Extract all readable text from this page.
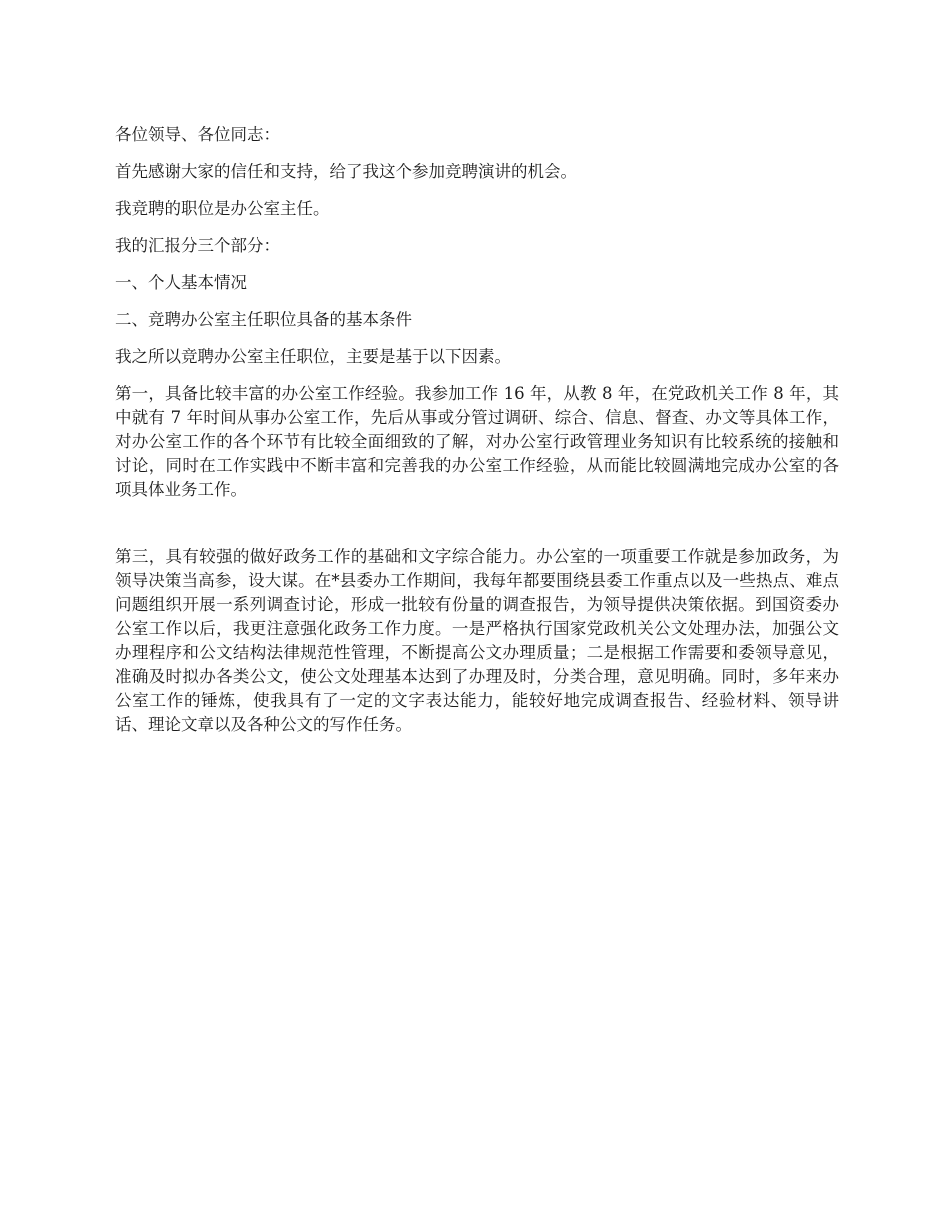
各位领导、各位同志：

首先感谢大家的信任和支持，给了我这个参加竞聘演讲的机会。

我竞聘的职位是办公室主任。

我的汇报分三个部分：

一、个人基本情况

二、竞聘办公室主任职位具备的基本条件

我之所以竞聘办公室主任职位，主要是基于以下因素。

第一，具备比较丰富的办公室工作经验。我参加工作 16 年，从教 8 年，在党政机关工作 8 年，其中就有 7 年时间从事办公室工作，先后从事或分管过调研、综合、信息、督查、办文等具体工作，对办公室工作的各个环节有比较全面细致的了解，对办公室行政管理业务知识有比较系统的接触和讨论，同时在工作实践中不断丰富和完善我的办公室工作经验，从而能比较圆满地完成办公室的各项具体业务工作。

第三，具有较强的做好政务工作的基础和文字综合能力。办公室的一项重要工作就是参加政务，为领导决策当高参，设大谋。在*县委办工作期间，我每年都要围绕县委工作重点以及一些热点、难点问题组织开展一系列调查讨论，形成一批较有份量的调查报告，为领导提供决策依据。到国资委办公室工作以后，我更注意强化政务工作力度。一是严格执行国家党政机关公文处理办法，加强公文办理程序和公文结构法律规范性管理，不断提高公文办理质量；二是根据工作需要和委领导意见，准确及时拟办各类公文，使公文处理基本达到了办理及时，分类合理，意见明确。同时，多年来办公室工作的锤炼，使我具有了一定的文字表达能力，能较好地完成调查报告、经验材料、领导讲话、理论文章以及各种公文的写作任务。
